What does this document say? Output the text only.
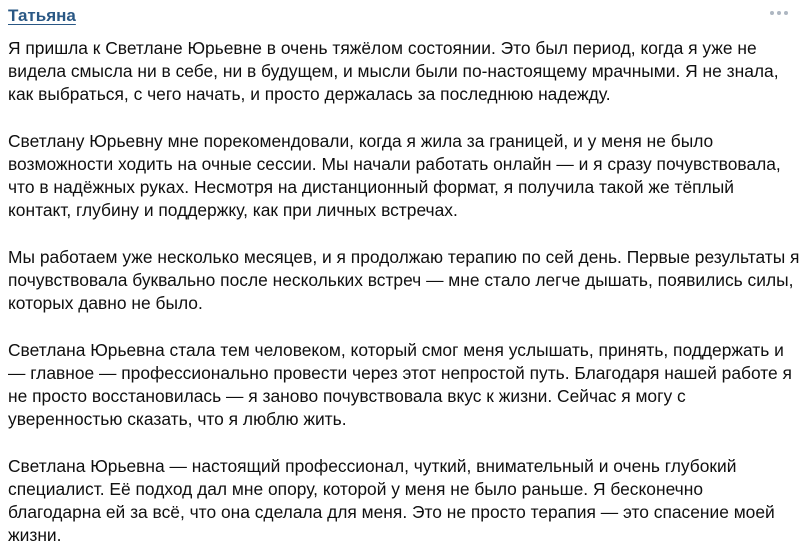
Татьяна

Я пришла к Светлане Юрьевне в очень тяжёлом состоянии. Это был период, когда я уже не видела смысла ни в себе, ни в будущем, и мысли были по-настоящему мрачными. Я не знала, как выбраться, с чего начать, и просто держалась за последнюю надежду.

Светлану Юрьевну мне порекомендовали, когда я жила за границей, и у меня не было возможности ходить на очные сессии. Мы начали работать онлайн — и я сразу почувствовала, что в надёжных руках. Несмотря на дистанционный формат, я получила такой же тёплый контакт, глубину и поддержку, как при личных встречах.

Мы работаем уже несколько месяцев, и я продолжаю терапию по сей день. Первые результаты я почувствовала буквально после нескольких встреч — мне стало легче дышать, появились силы, которых давно не было.

Светлана Юрьевна стала тем человеком, который смог меня услышать, принять, поддержать и — главное — профессионально провести через этот непростой путь. Благодаря нашей работе я не просто восстановилась — я заново почувствовала вкус к жизни. Сейчас я могу с уверенностью сказать, что я люблю жить.

Светлана Юрьевна — настоящий профессионал, чуткий, внимательный и очень глубокий специалист. Её подход дал мне опору, которой у меня не было раньше. Я бесконечно благодарна ей за всё, что она сделала для меня. Это не просто терапия — это спасение моей жизни.
